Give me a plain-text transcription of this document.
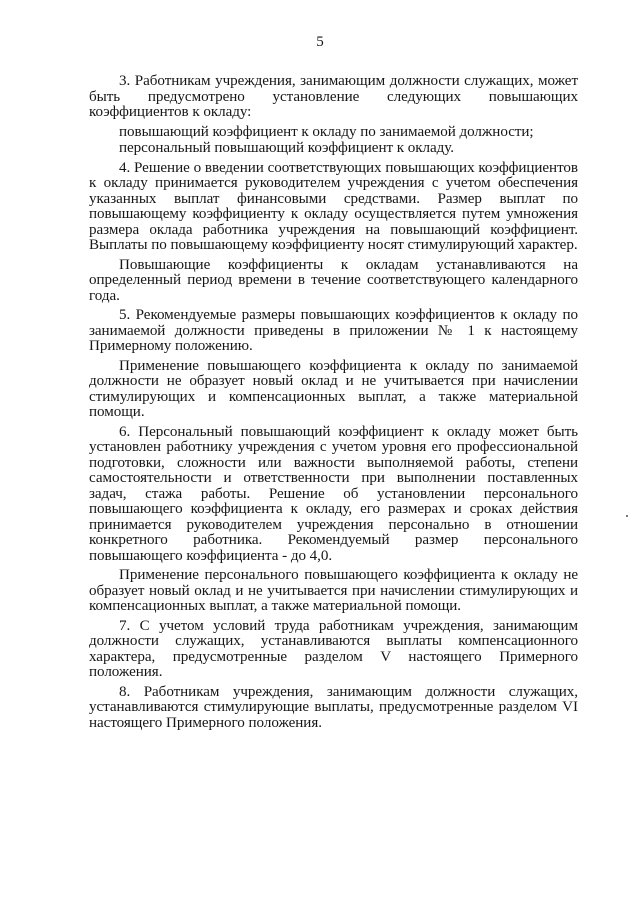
5

3. Работникам учреждения, занимающим должности служащих, может быть предусмотрено установление следующих повышающих коэффициентов к окладу:

повышающий коэффициент к окладу по занимаемой должности;

персональный повышающий коэффициент к окладу.

4. Решение о введении соответствующих повышающих коэффициентов к окладу принимается руководителем учреждения с учетом обеспечения указанных выплат финансовыми средствами. Размер выплат по повышающему коэффициенту к окладу осуществляется путем умножения размера оклада работника учреждения на повышающий коэффициент. Выплаты по повышающему коэффициенту носят стимулирующий характер.

Повышающие коэффициенты к окладам устанавливаются на определенный период времени в течение соответствующего календарного года.

5. Рекомендуемые размеры повышающих коэффициентов к окладу по занимаемой должности приведены в приложении № 1 к настоящему Примерному положению.

Применение повышающего коэффициента к окладу по занимаемой должности не образует новый оклад и не учитывается при начислении стимулирующих и компенсационных выплат, а также материальной помощи.

6. Персональный повышающий коэффициент к окладу может быть установлен работнику учреждения с учетом уровня его профессиональной подготовки, сложности или важности выполняемой работы, степени самостоятельности и ответственности при выполнении поставленных задач, стажа работы. Решение об установлении персонального повышающего коэффициента к окладу, его размерах и сроках действия принимается руководителем учреждения персонально в отношении конкретного работника. Рекомендуемый размер персонального повышающего коэффициента - до 4,0.

Применение персонального повышающего коэффициента к окладу не образует новый оклад и не учитывается при начислении стимулирующих и компенсационных выплат, а также материальной помощи.

7. С учетом условий труда работникам учреждения, занимающим должности служащих, устанавливаются выплаты компенсационного характера, предусмотренные разделом V настоящего Примерного положения.

8. Работникам учреждения, занимающим должности служащих, устанавливаются стимулирующие выплаты, предусмотренные разделом VI настоящего Примерного положения.
